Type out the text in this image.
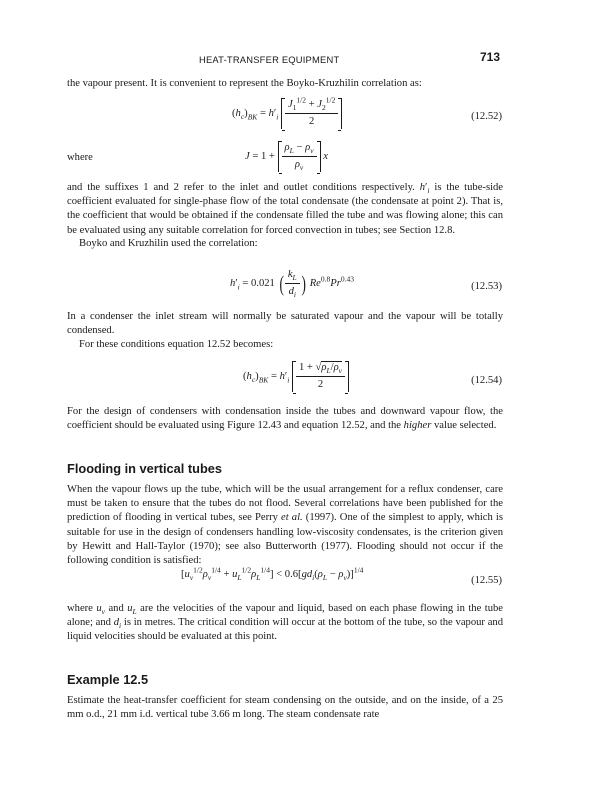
HEAT-TRANSFER EQUIPMENT	713
the vapour present. It is convenient to represent the Boyko-Kruzhilin correlation as:
$(h_c)_{BK} = h'_i \frac{J_1^{1/2} + J_2^{1/2}}{2}$	(12.52)
where	$J = 1 + \frac{\rho_L - \rho_v}{\rho_v}$ x
and the suffixes 1 and 2 refer to the inlet and outlet conditions respectively. $h'_i$ is the tube-side coefficient evaluated for single-phase flow of the total condensate (the condensate at point 2). That is, the coefficient that would be obtained if the condensate filled the tube and was flowing alone; this can be evaluated using any suitable correlation for forced convection in tubes; see Section 12.8.
Boyko and Kruzhilin used the correlation:
$h'_i = 0.021$ ( $\frac{k_L}{d_i}$ ) $Re^{0.8}Pr^{0.43}$
(12.53)
In a condenser the inlet stream will normally be saturated vapour and the vapour will be totally condensed.
For these conditions equation 12.52 becomes:
$(h_c)_{BK} = h'_i \frac{1 + √\rho_L/\rho_v}{2}$	(12.54)
For the design of condensers with condensation inside the tubes and downward vapour flow, the coefficient should be evaluated using Figure 12.43 and equation 12.52, and the higher value selected.
Flooding in vertical tubes
When the vapour flows up the tube, which will be the usual arrangement for a reflux condenser, care must be taken to ensure that the tubes do not flood. Several correlations have been published for the prediction of flooding in vertical tubes, see Perry et al. (1997). One of the simplest to apply, which is suitable for use in the design of condensers handling low-viscosity condensates, is the criterion given by Hewitt and Hall-Taylor (1970); see also Butterworth (1977). Flooding should not occur if the following condition is satisfied:
$[u_v^{1/2}\rho_v^{1/4} + u_L^{1/2}\rho_L^{1/4}] < 0.6[gd_i(\rho_L - \rho_v)]^{1/4}$
(12.55)
where $u_v$ and $u_L$ are the velocities of the vapour and liquid, based on each phase flowing in the tube alone; and $d_i$ is in metres. The critical condition will occur at the bottom of the tube, so the vapour and liquid velocities should be evaluated at this point.
Example 12.5
Estimate the heat-transfer coefficient for steam condensing on the outside, and on the inside, of a 25 mm o.d., 21 mm i.d. vertical tube 3.66 m long. The steam condensate rate
